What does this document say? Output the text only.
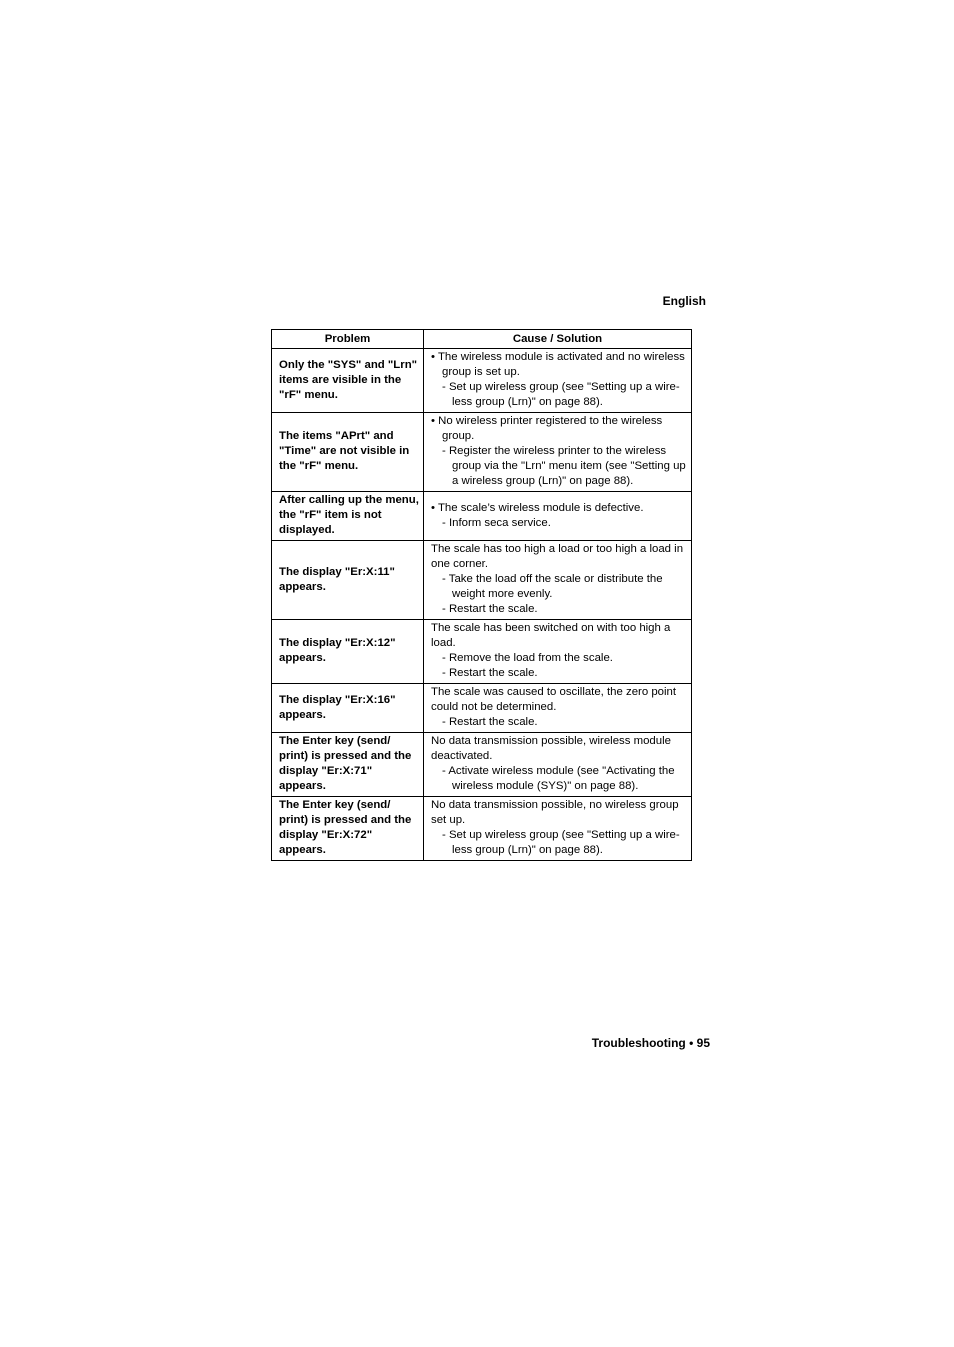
English
Problem	Cause / Solution
Only the "SYS" and "Lrn" items are visible in the "rF" menu.	• The wireless module is activated and no wireless group is set up.
- Set up wireless group (see "Setting up a wire-less group (Lrn)" on page 88).

The items "APrt" and "Time" are not visible in the "rF" menu.	• No wireless printer registered to the wireless group.
- Register the wireless printer to the wireless group via the "Lrn" menu item (see "Setting up a wireless group (Lrn)" on page 88).

After calling up the menu, the "rF" item is not displayed.	• The scale’s wireless module is defective.
- Inform seca service.

The display "Er:X:11" appears.	The scale has too high a load or too high a load in one corner.
- Take the load off the scale or distribute the weight more evenly.
- Restart the scale.

The display "Er:X:12" appears.	The scale has been switched on with too high a load.
- Remove the load from the scale.
- Restart the scale.

The display "Er:X:16" appears.	The scale was caused to oscillate, the zero point could not be determined.
- Restart the scale.

The Enter key (send/ print) is pressed and the display "Er:X:71" appears.	No data transmission possible, wireless module deactivated.
- Activate wireless module (see "Activating the wireless module (SYS)" on page 88).

The Enter key (send/ print) is pressed and the display "Er:X:72" appears.	No data transmission possible, no wireless group set up.
- Set up wireless group (see "Setting up a wire-less group (Lrn)" on page 88).
Troubleshooting • 95
